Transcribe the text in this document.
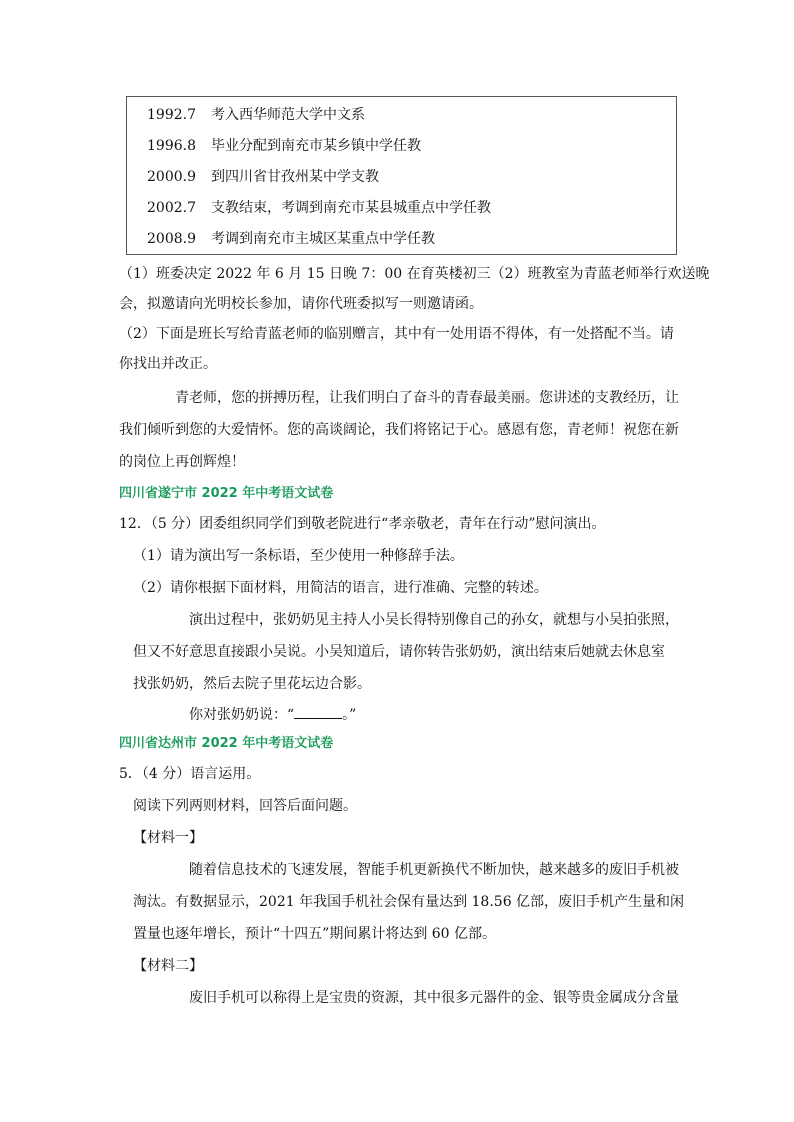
1992.7 考入西华师范大学中文系
1996.8 毕业分配到南充市某乡镇中学任教
2000.9 到四川省甘孜州某中学支教
2002.7 支教结束，考调到南充市某县城重点中学任教
2008.9 考调到南充市主城区某重点中学任教
（1）班委决定 2022 年 6 月 15 日晚 7：00 在育英楼初三（2）班教室为青蓝老师举行欢送晚
会，拟邀请向光明校长参加，请你代班委拟写一则邀请函。
（2）下面是班长写给青蓝老师的临别赠言，其中有一处用语不得体，有一处搭配不当。请
你找出并改正。
青老师，您的拼搏历程，让我们明白了奋斗的青春最美丽。您讲述的支教经历，让
我们倾听到您的大爱情怀。您的高谈阔论，我们将铭记于心。感恩有您，青老师！祝您在新
的岗位上再创辉煌！
四川省遂宁市 2022 年中考语文试卷
12．（5 分）团委组织同学们到敬老院进行“孝亲敬老，青年在行动”慰问演出。
（1）请为演出写一条标语，至少使用一种修辞手法。
（2）请你根据下面材料，用简洁的语言，进行准确、完整的转述。
演出过程中，张奶奶见主持人小吴长得特别像自己的孙女，就想与小吴拍张照，
但又不好意思直接跟小吴说。小吴知道后，请你转告张奶奶，演出结束后她就去休息室
找张奶奶，然后去院子里花坛边合影。
你对张奶奶说：“	。”
四川省达州市 2022 年中考语文试卷
5．（4 分）语言运用。
阅读下列两则材料，回答后面问题。
【材料一】
随着信息技术的飞速发展，智能手机更新换代不断加快，越来越多的废旧手机被
淘汰。有数据显示，2021 年我国手机社会保有量达到 18.56 亿部，废旧手机产生量和闲
置量也逐年增长，预计“十四五”期间累计将达到 60 亿部。
【材料二】
废旧手机可以称得上是宝贵的资源，其中很多元器件的金、银等贵金属成分含量
